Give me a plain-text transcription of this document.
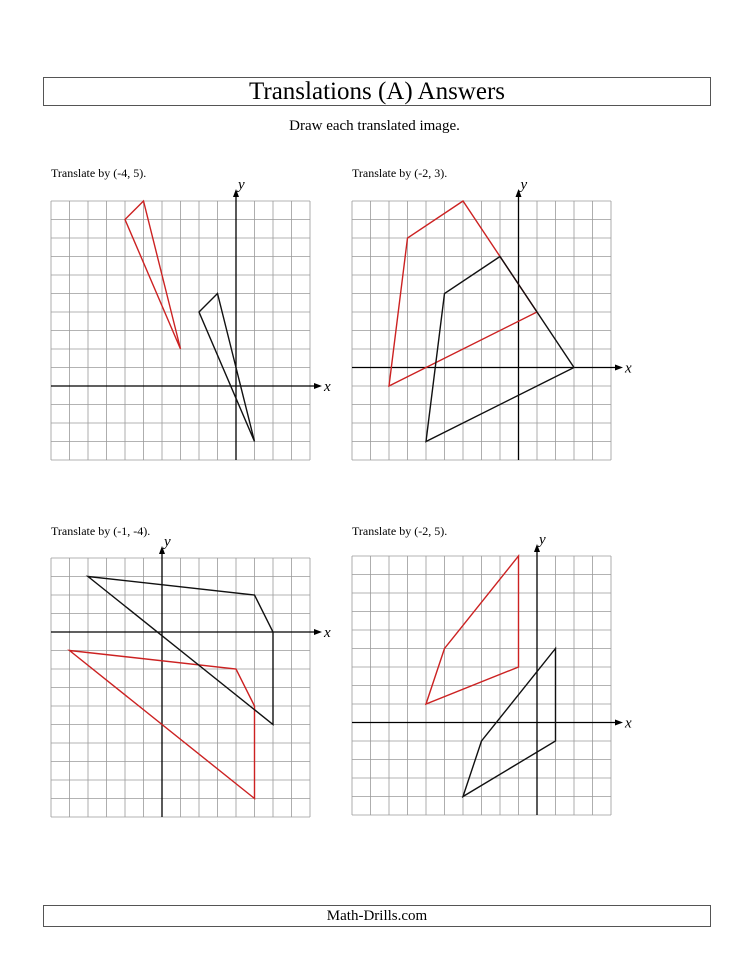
Translations (A) Answers
Draw each translated image.
Translate by (-4, 5).
x
y
Translate by (-2, 3).
x
y
Translate by (-1, -4).
x
y
Translate by (-2, 5).
x
y
Math-Drills.com
